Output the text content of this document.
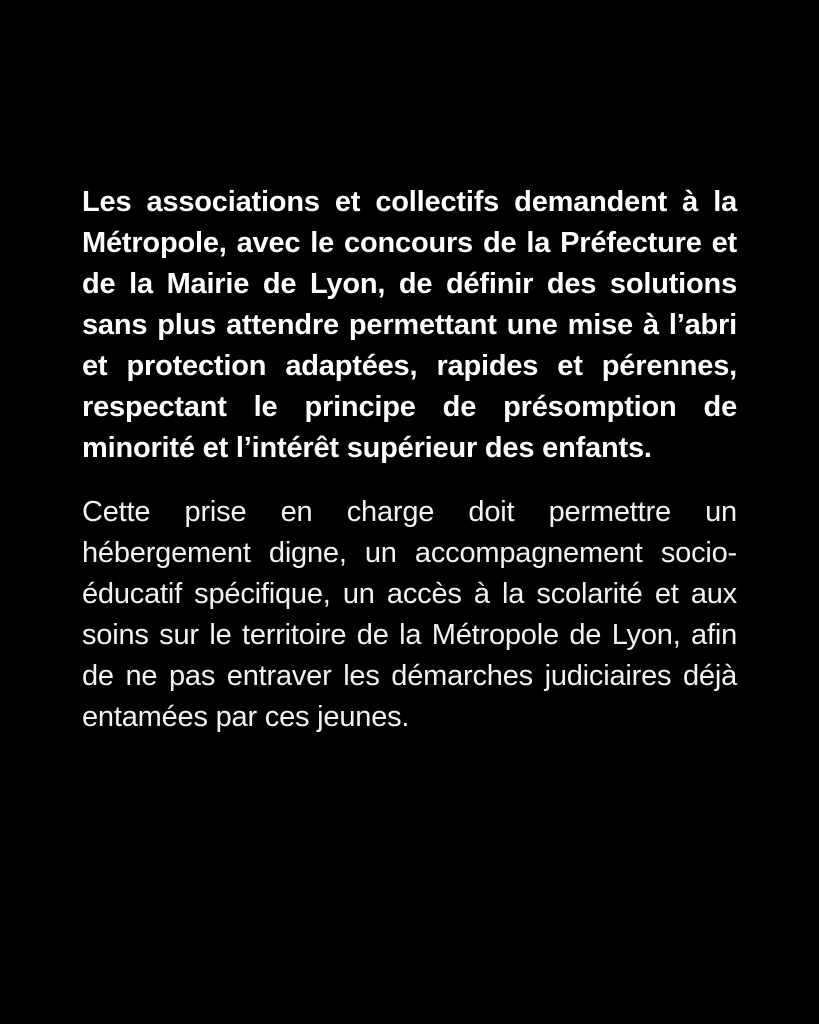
Les associations et collectifs demandent à la Métropole, avec le concours de la Préfecture et de la Mairie de Lyon, de définir des solutions sans plus attendre permettant une mise à l’abri et protection adaptées, rapides et pérennes, respectant le principe de présomption de minorité et l’intérêt supérieur des enfants.

Cette prise en charge doit permettre un hébergement digne, un accompagnement socio-éducatif spécifique, un accès à la scolarité et aux soins sur le territoire de la Métropole de Lyon, afin de ne pas entraver les démarches judiciaires déjà entamées par ces jeunes.
